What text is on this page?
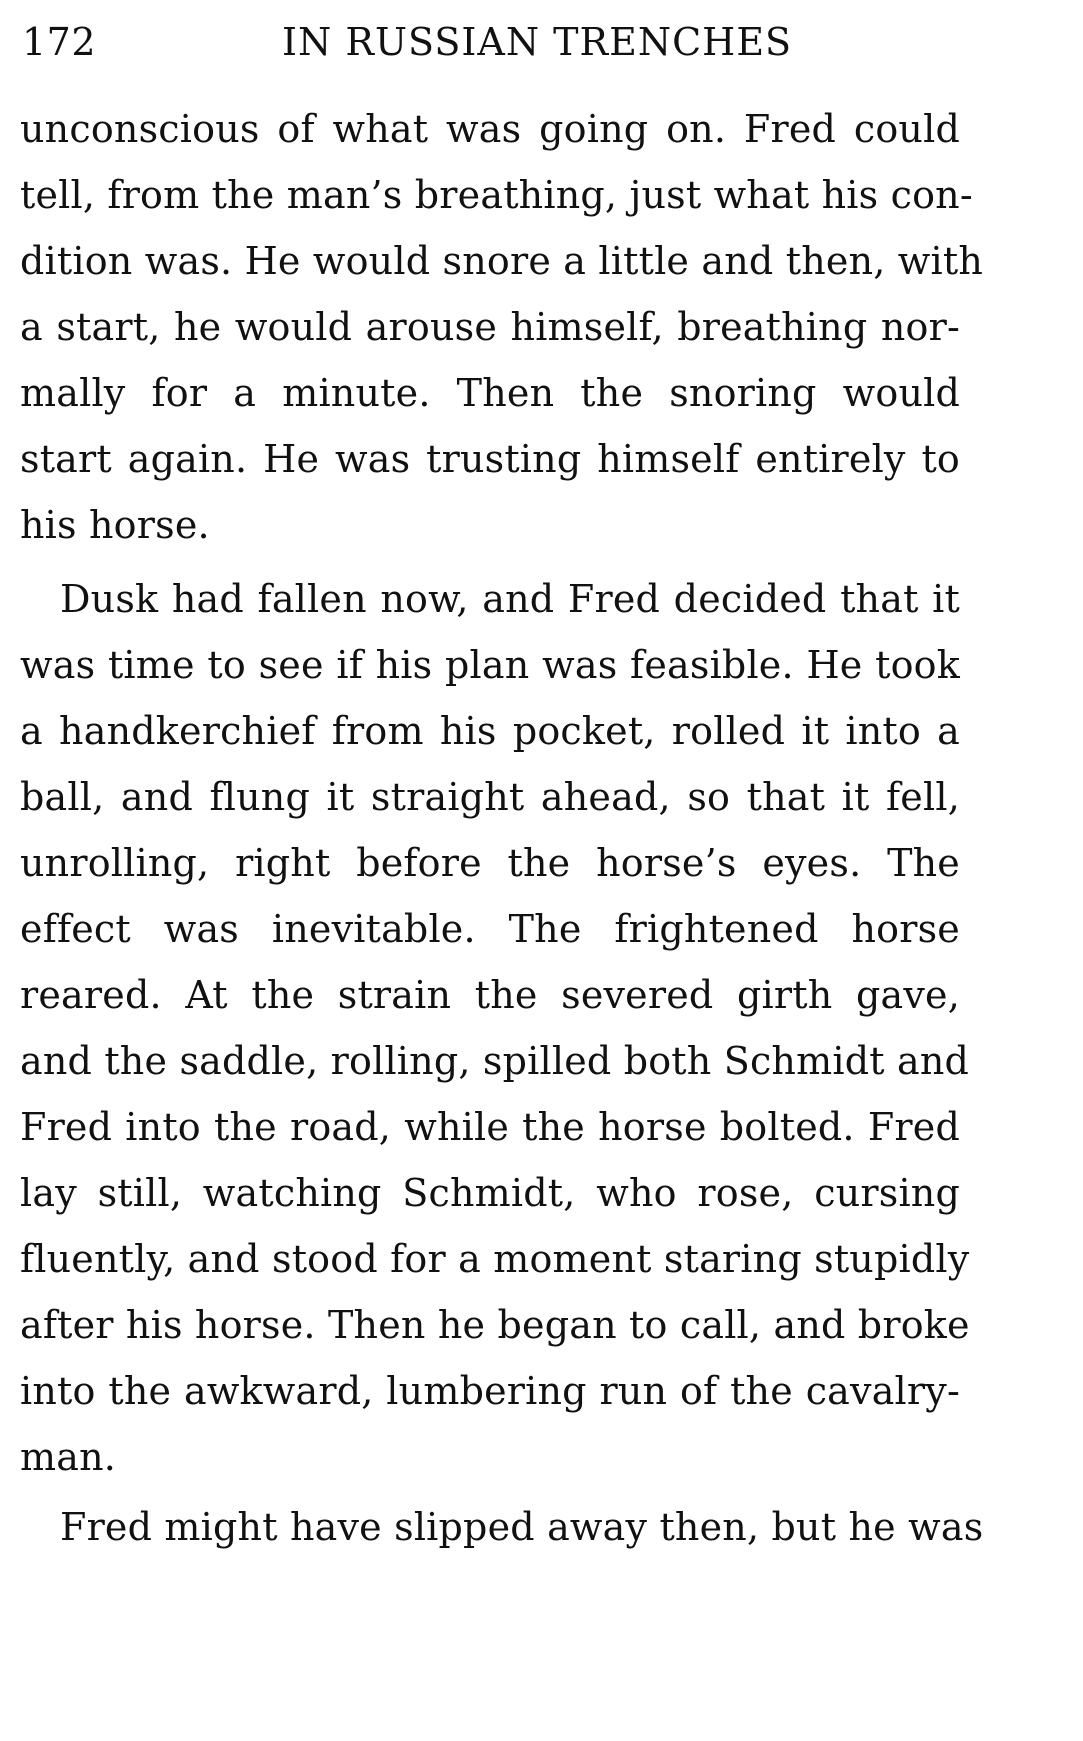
172	IN RUSSIAN TRENCHES
unconscious of what was going on. Fred could
tell, from the man’s breathing, just what his con-
dition was. He would snore a little and then, with
a start, he would arouse himself, breathing nor-
mally for a minute. Then the snoring would
start again. He was trusting himself entirely to
his horse.
Dusk had fallen now, and Fred decided that it
was time to see if his plan was feasible. He took
a handkerchief from his pocket, rolled it into a
ball, and flung it straight ahead, so that it fell,
unrolling, right before the horse’s eyes. The
effect was inevitable. The frightened horse
reared. At the strain the severed girth gave,
and the saddle, rolling, spilled both Schmidt and
Fred into the road, while the horse bolted. Fred
lay still, watching Schmidt, who rose, cursing
fluently, and stood for a moment staring stupidly
after his horse. Then he began to call, and broke
into the awkward, lumbering run of the cavalry-
man.
Fred might have slipped away then, but he was
